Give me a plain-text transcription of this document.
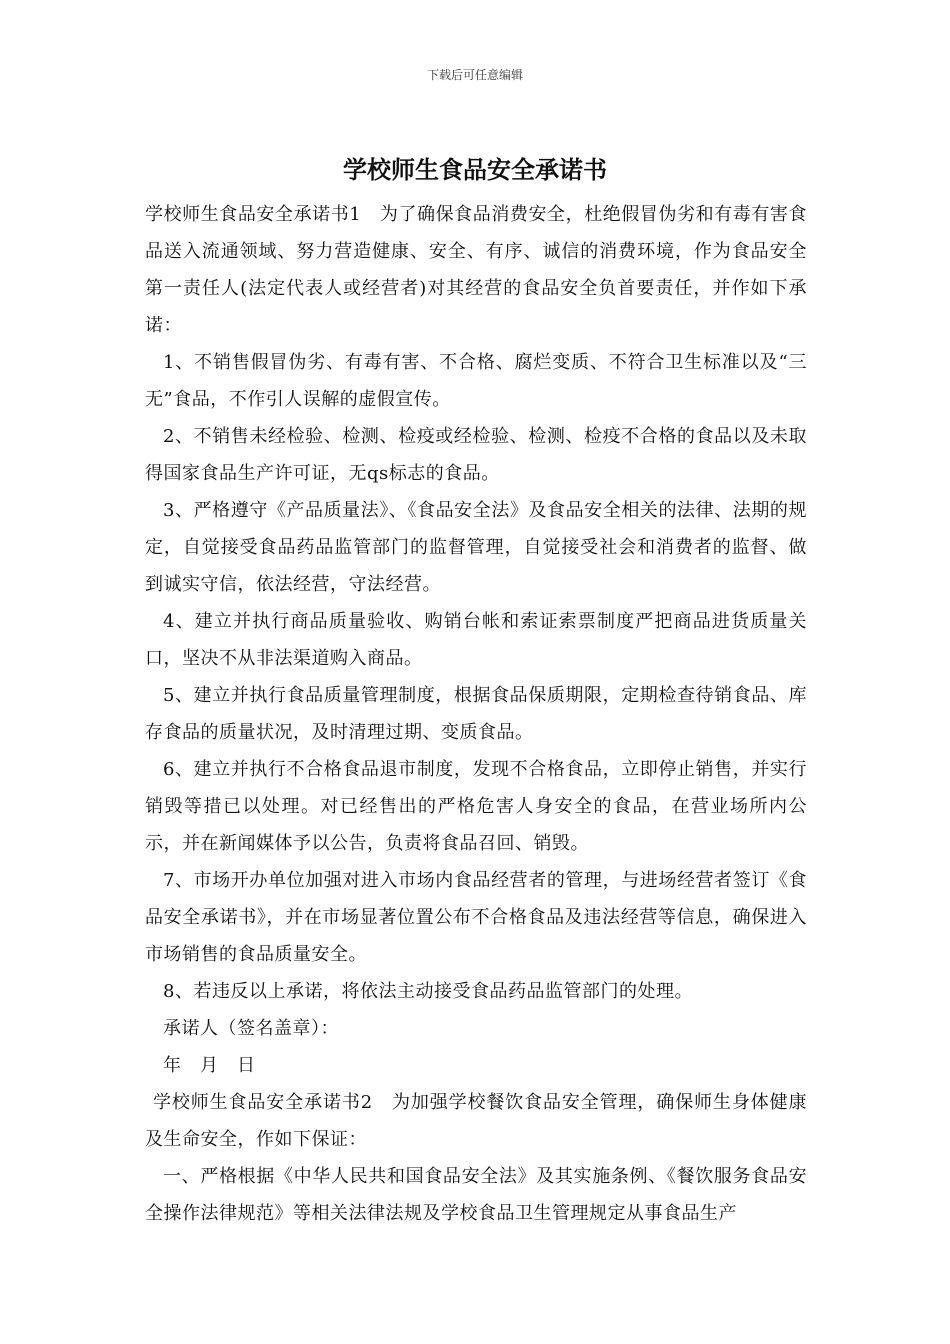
下载后可任意编辑
学校师生食品安全承诺书

学校师生食品安全承诺书1　为了确保食品消费安全，杜绝假冒伪劣和有毒有害食品送入流通领域、努力营造健康、安全、有序、诚信的消费环境，作为食品安全第一责任人(法定代表人或经营者)对其经营的食品安全负首要责任，并作如下承诺：

1、不销售假冒伪劣、有毒有害、不合格、腐烂变质、不符合卫生标准以及“三无”食品，不作引人误解的虚假宣传。

2、不销售未经检验、检测、检疫或经检验、检测、检疫不合格的食品以及未取得国家食品生产许可证，无qs标志的食品。

3、严格遵守《产品质量法》、《食品安全法》及食品安全相关的法律、法期的规定，自觉接受食品药品监管部门的监督管理，自觉接受社会和消费者的监督、做到诚实守信，依法经营，守法经营。

4、建立并执行商品质量验收、购销台帐和索证索票制度严把商品进货质量关口，坚决不从非法渠道购入商品。

5、建立并执行食品质量管理制度，根据食品保质期限，定期检查待销食品、库存食品的质量状况，及时清理过期、变质食品。

6、建立并执行不合格食品退市制度，发现不合格食品，立即停止销售，并实行销毁等措已以处理。对已经售出的严格危害人身安全的食品，在营业场所内公示，并在新闻媒体予以公告，负责将食品召回、销毁。

7、市场开办单位加强对进入市场内食品经营者的管理，与进场经营者签订《食品安全承诺书》，并在市场显著位置公布不合格食品及违法经营等信息，确保进入市场销售的食品质量安全。

8、若违反以上承诺，将依法主动接受食品药品监管部门的处理。

承诺人（签名盖章）：

年　月　日

学校师生食品安全承诺书2　为加强学校餐饮食品安全管理，确保师生身体健康及生命安全，作如下保证：

一、严格根据《中华人民共和国食品安全法》及其实施条例、《餐饮服务食品安全操作法律规范》等相关法律法规及学校食品卫生管理规定从事食品生产
